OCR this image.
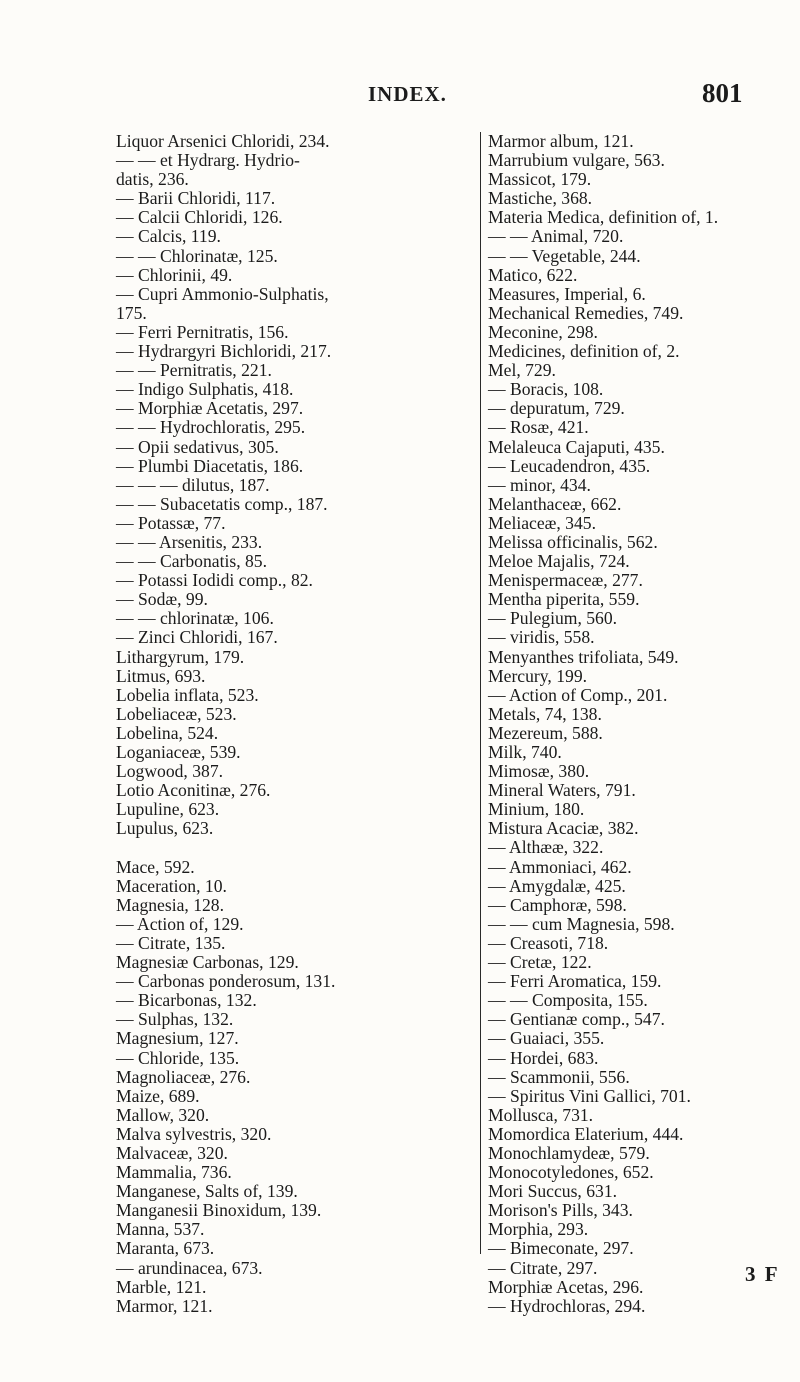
INDEX.	801
Liquor Arsenici Chloridi, 234.
— — et Hydrarg. Hydrio-
datis, 236.
— Barii Chloridi, 117.
— Calcii Chloridi, 126.
— Calcis, 119.
— — Chlorinatæ, 125.
— Chlorinii, 49.
— Cupri Ammonio-Sulphatis,
175.
— Ferri Pernitratis, 156.
— Hydrargyri Bichloridi, 217.
— — Pernitratis, 221.
— Indigo Sulphatis, 418.
— Morphiæ Acetatis, 297.
— — Hydrochloratis, 295.
— Opii sedativus, 305.
— Plumbi Diacetatis, 186.
— — — dilutus, 187.
— — Subacetatis comp., 187.
— Potassæ, 77.
— — Arsenitis, 233.
— — Carbonatis, 85.
— Potassi Iodidi comp., 82.
— Sodæ, 99.
— — chlorinatæ, 106.
— Zinci Chloridi, 167.
Lithargyrum, 179.
Litmus, 693.
Lobelia inflata, 523.
Lobeliaceæ, 523.
Lobelina, 524.
Loganiaceæ, 539.
Logwood, 387.
Lotio Aconitinæ, 276.
Lupuline, 623.
Lupulus, 623.
Mace, 592.
Maceration, 10.
Magnesia, 128.
— Action of, 129.
— Citrate, 135.
Magnesiæ Carbonas, 129.
— Carbonas ponderosum, 131.
— Bicarbonas, 132.
— Sulphas, 132.
Magnesium, 127.
— Chloride, 135.
Magnoliaceæ, 276.
Maize, 689.
Mallow, 320.
Malva sylvestris, 320.
Malvaceæ, 320.
Mammalia, 736.
Manganese, Salts of, 139.
Manganesii Binoxidum, 139.
Manna, 537.
Maranta, 673.
— arundinacea, 673.
Marble, 121.
Marmor, 121.
Marmor album, 121.
Marrubium vulgare, 563.
Massicot, 179.
Mastiche, 368.
Materia Medica, definition of, 1.
— — Animal, 720.
— — Vegetable, 244.
Matico, 622.
Measures, Imperial, 6.
Mechanical Remedies, 749.
Meconine, 298.
Medicines, definition of, 2.
Mel, 729.
— Boracis, 108.
— depuratum, 729.
— Rosæ, 421.
Melaleuca Cajaputi, 435.
— Leucadendron, 435.
— minor, 434.
Melanthaceæ, 662.
Meliaceæ, 345.
Melissa officinalis, 562.
Meloe Majalis, 724.
Menispermaceæ, 277.
Mentha piperita, 559.
— Pulegium, 560.
— viridis, 558.
Menyanthes trifoliata, 549.
Mercury, 199.
— Action of Comp., 201.
Metals, 74, 138.
Mezereum, 588.
Milk, 740.
Mimosæ, 380.
Mineral Waters, 791.
Minium, 180.
Mistura Acaciæ, 382.
— Althææ, 322.
— Ammoniaci, 462.
— Amygdalæ, 425.
— Camphoræ, 598.
— — cum Magnesia, 598.
— Creasoti, 718.
— Cretæ, 122.
— Ferri Aromatica, 159.
— — Composita, 155.
— Gentianæ comp., 547.
— Guaiaci, 355.
— Hordei, 683.
— Scammonii, 556.
— Spiritus Vini Gallici, 701.
Mollusca, 731.
Momordica Elaterium, 444.
Monochlamydeæ, 579.
Monocotyledones, 652.
Mori Succus, 631.
Morison's Pills, 343.
Morphia, 293.
— Bimeconate, 297.
— Citrate, 297.
Morphiæ Acetas, 296.
— Hydrochloras, 294.
3 F
